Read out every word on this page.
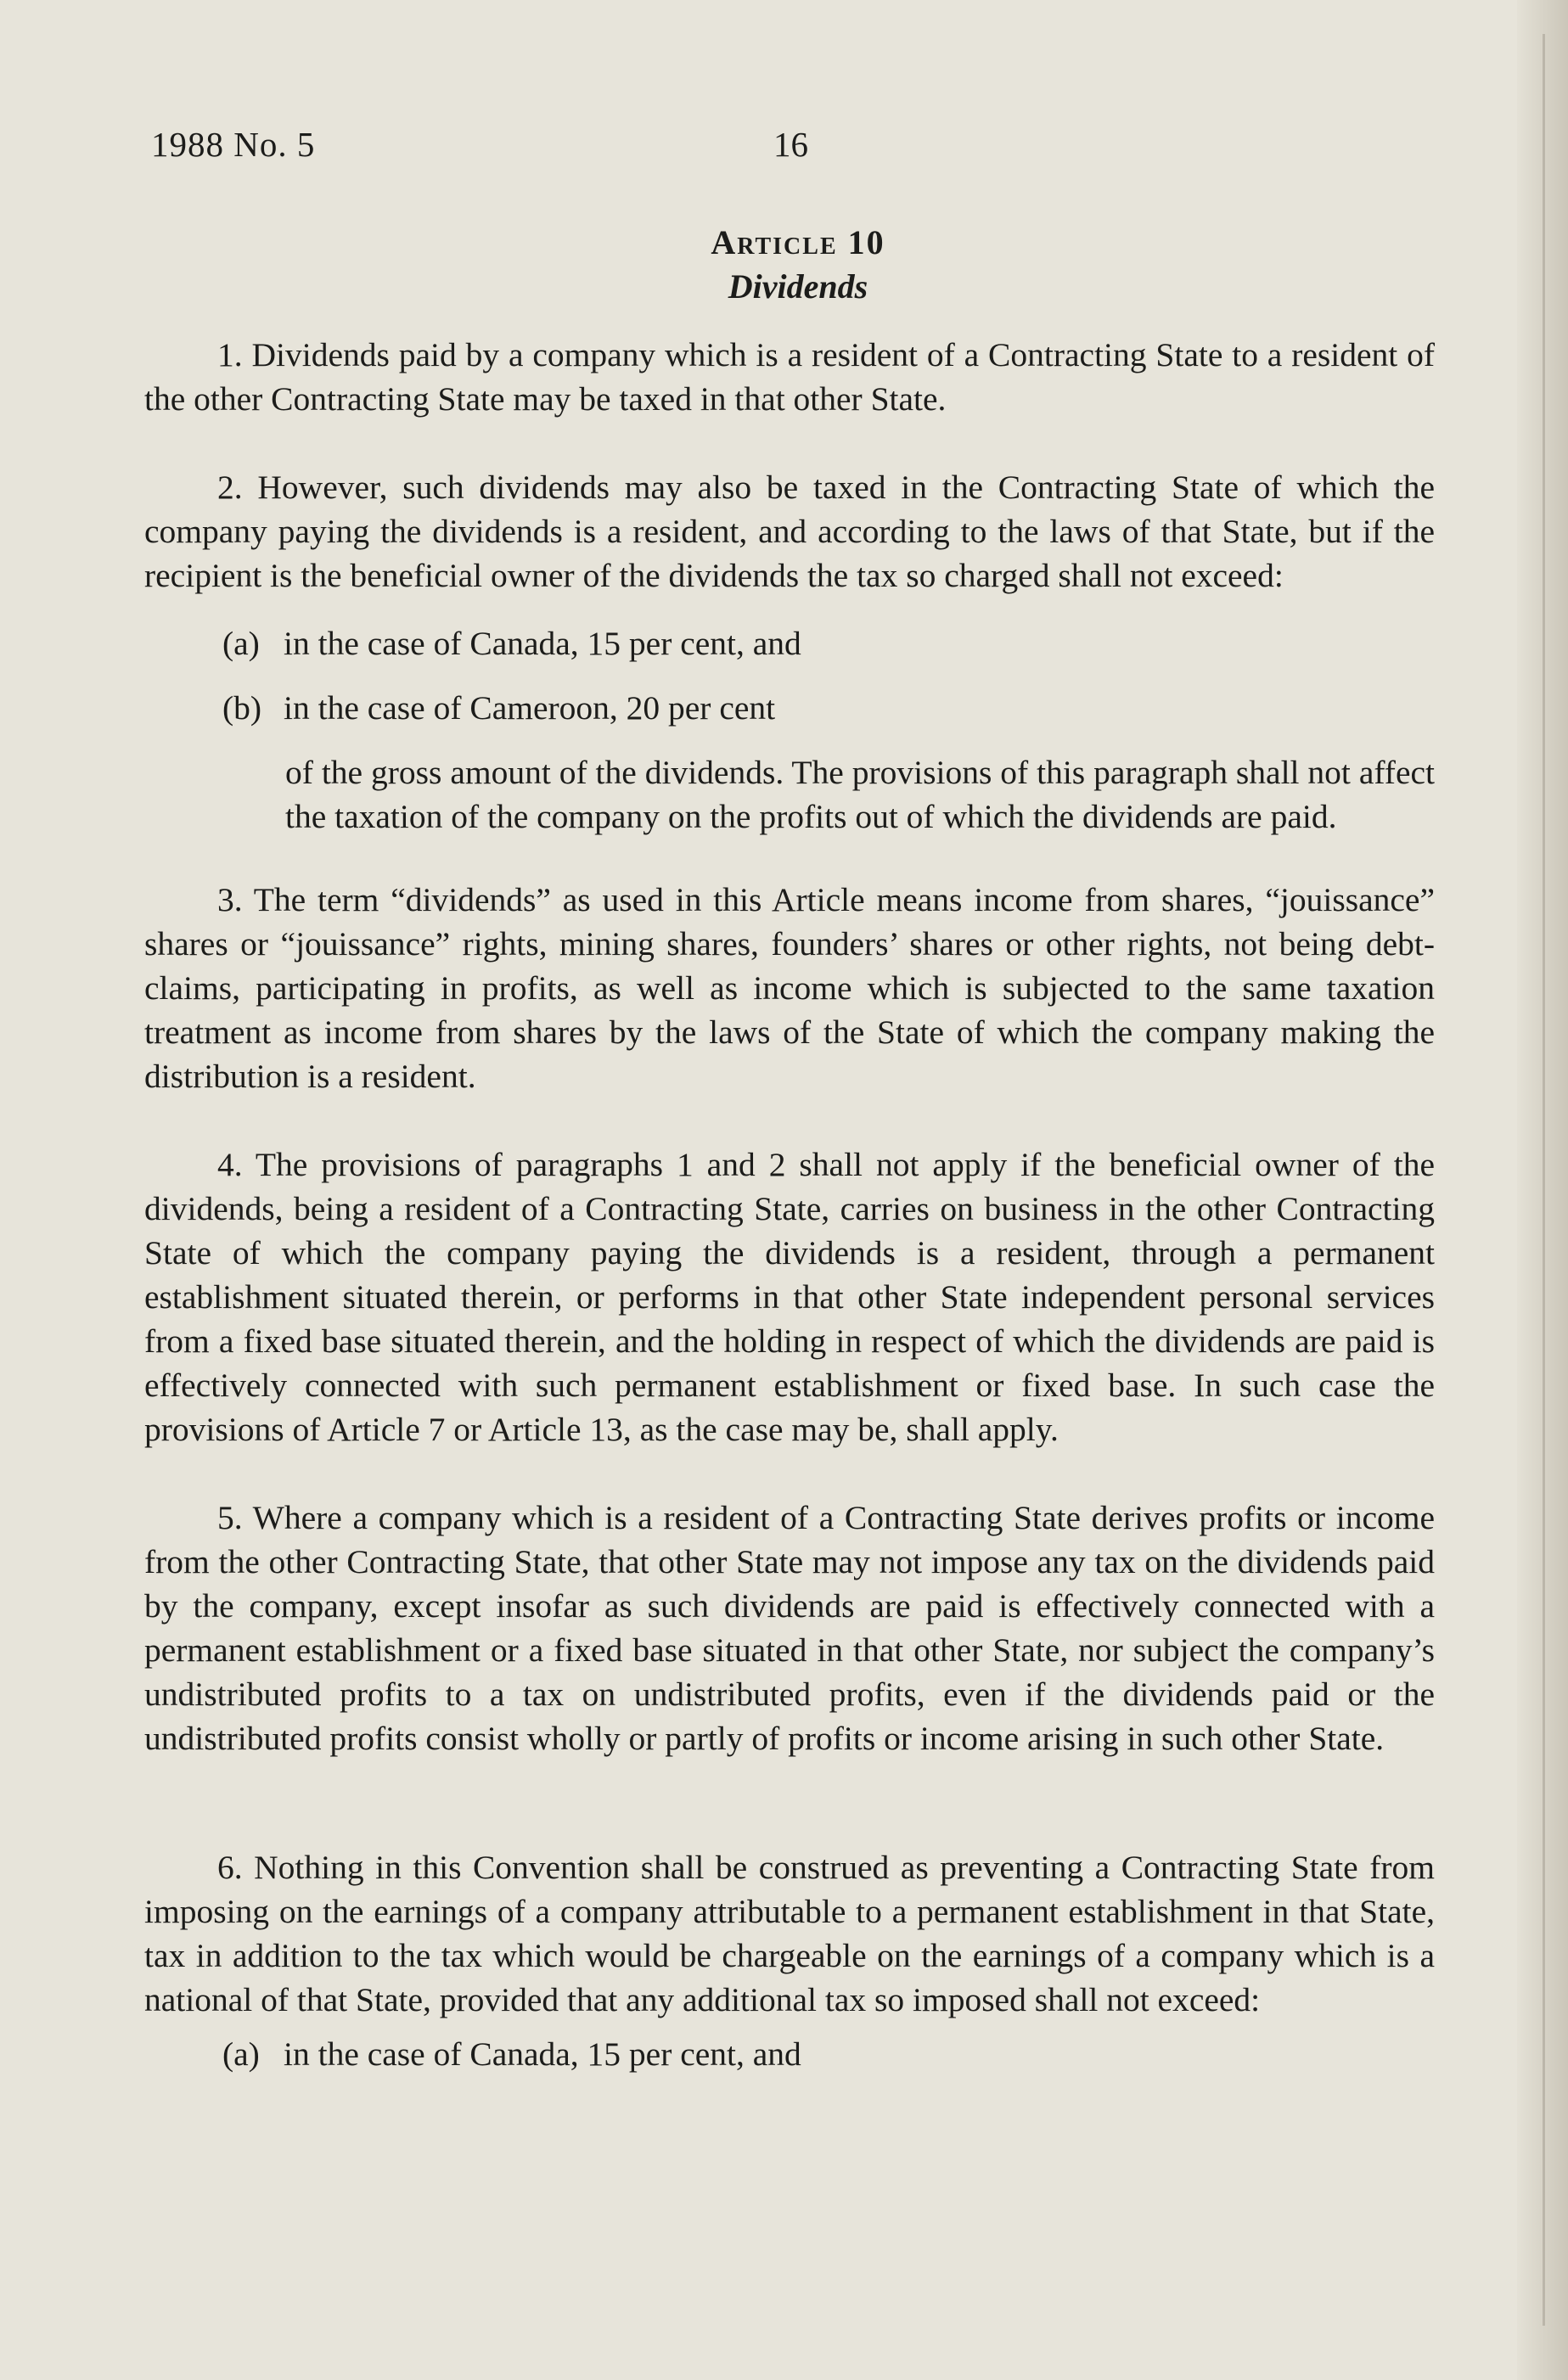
1988 No. 5	16
Article 10
Dividends

1. Dividends paid by a company which is a resident of a Contracting State to a resident of the other Contracting State may be taxed in that other State.

2. However, such dividends may also be taxed in the Contracting State of which the company paying the dividends is a resident, and according to the laws of that State, but if the recipient is the beneficial owner of the dividends the tax so charged shall not exceed:

(a) in the case of Canada, 15 per cent, and
(b) in the case of Cameroon, 20 per cent

of the gross amount of the dividends. The provisions of this paragraph shall not affect the taxation of the company on the profits out of which the dividends are paid.

3. The term “dividends” as used in this Article means income from shares, “jouissance” shares or “jouissance” rights, mining shares, founders’ shares or other rights, not being debt-claims, participating in profits, as well as income which is subjected to the same taxation treatment as income from shares by the laws of the State of which the company making the distribution is a resident.

4. The provisions of paragraphs 1 and 2 shall not apply if the beneficial owner of the dividends, being a resident of a Contracting State, carries on business in the other Contracting State of which the company paying the dividends is a resident, through a permanent establishment situated therein, or performs in that other State independent personal services from a fixed base situated therein, and the holding in respect of which the dividends are paid is effectively connected with such permanent establishment or fixed base. In such case the provisions of Article 7 or Article 13, as the case may be, shall apply.

5. Where a company which is a resident of a Contracting State derives profits or income from the other Contracting State, that other State may not impose any tax on the dividends paid by the company, except insofar as such dividends are paid is effectively connected with a permanent establishment or a fixed base situated in that other State, nor subject the company’s undistributed profits to a tax on undistributed profits, even if the dividends paid or the undistributed profits consist wholly or partly of profits or income arising in such other State.

6. Nothing in this Convention shall be construed as preventing a Contracting State from imposing on the earnings of a company attributable to a permanent establishment in that State, tax in addition to the tax which would be chargeable on the earnings of a company which is a national of that State, provided that any additional tax so imposed shall not exceed:

(a) in the case of Canada, 15 per cent, and
